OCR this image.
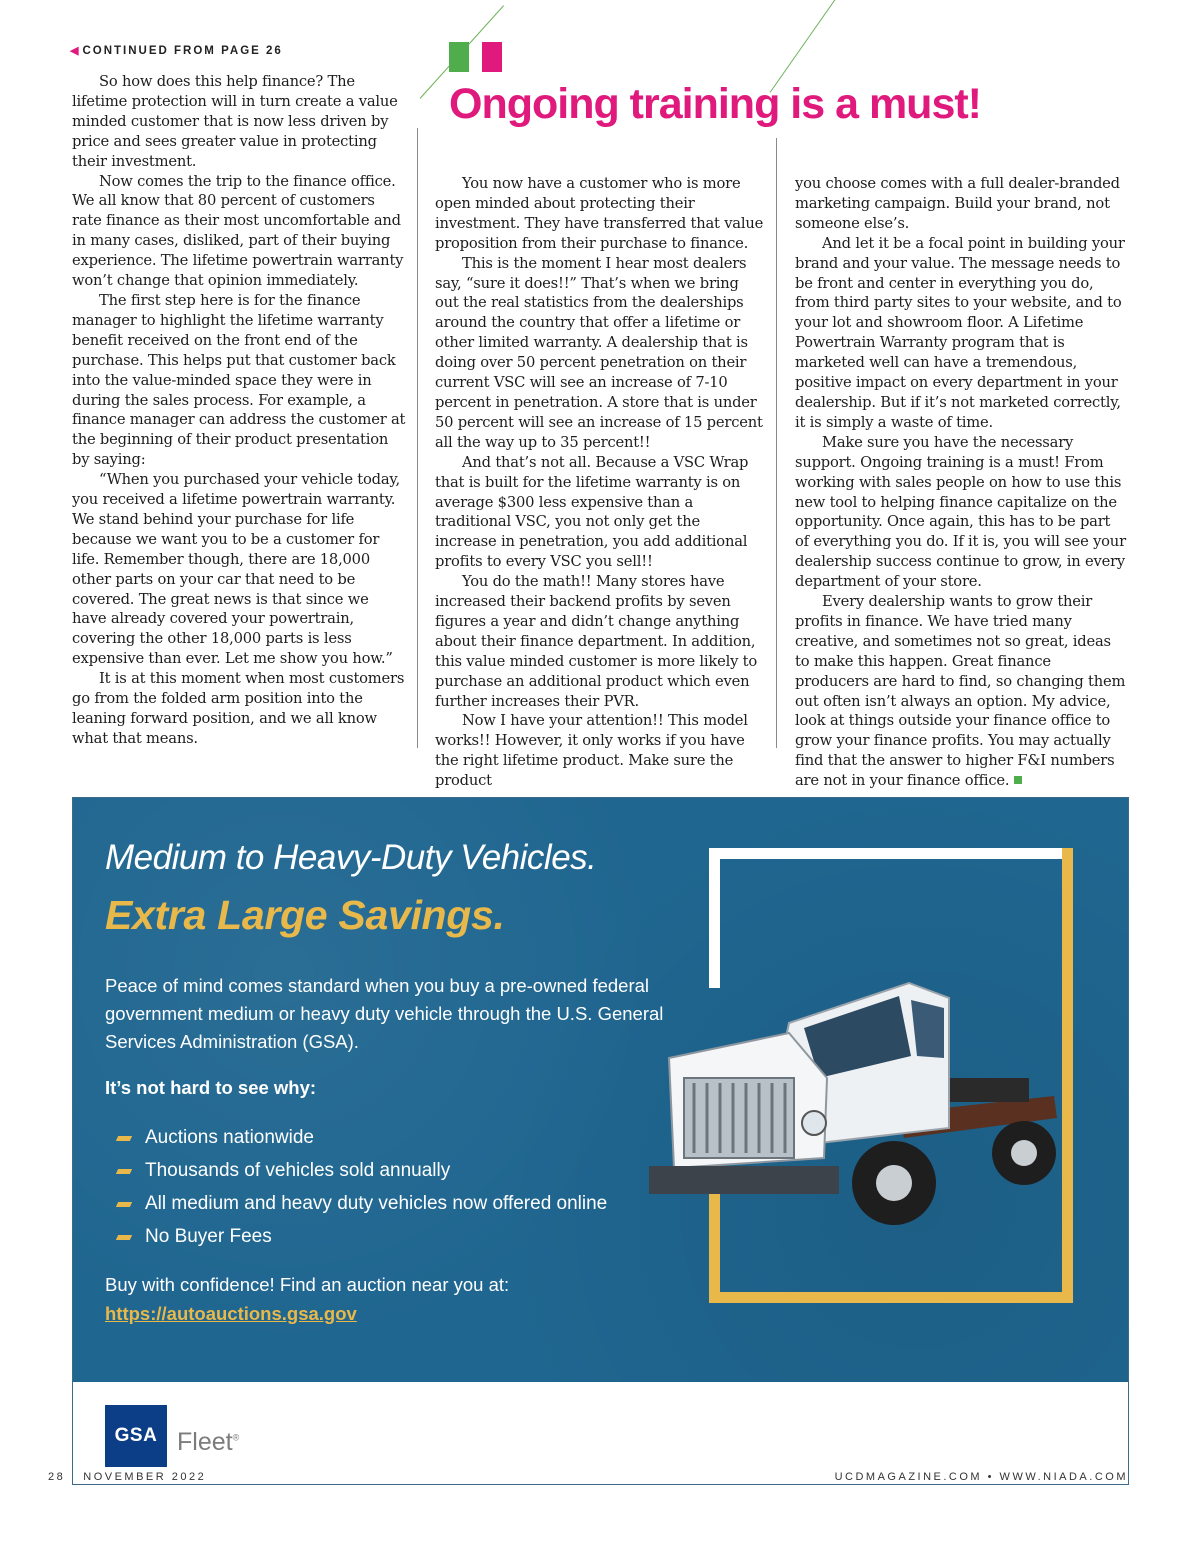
◀ CONTINUED FROM PAGE 26
Ongoing training is a must!

So how does this help finance? The lifetime protection will in turn create a value minded customer that is now less driven by price and sees greater value in protecting their investment.

Now comes the trip to the finance office. We all know that 80 percent of customers rate finance as their most uncomfortable and in many cases, disliked, part of their buying experience. The lifetime powertrain warranty won’t change that opinion immediately.

The first step here is for the finance manager to highlight the lifetime warranty benefit received on the front end of the purchase. This helps put that customer back into the value-minded space they were in during the sales process. For example, a finance manager can address the customer at the beginning of their product presentation by saying:

“When you purchased your vehicle today, you received a lifetime powertrain warranty. We stand behind your purchase for life because we want you to be a customer for life. Remember though, there are 18,000 other parts on your car that need to be covered. The great news is that since we have already covered your powertrain, covering the other 18,000 parts is less expensive than ever. Let me show you how.”

It is at this moment when most customers go from the folded arm position into the leaning forward position, and we all know what that means.

You now have a customer who is more open minded about protecting their investment. They have transferred that value proposition from their purchase to finance.

This is the moment I hear most dealers say, “sure it does!!” That’s when we bring out the real statistics from the dealerships around the country that offer a lifetime or other limited warranty. A dealership that is doing over 50 percent penetration on their current VSC will see an increase of 7-10 percent in penetration. A store that is under 50 percent will see an increase of 15 percent all the way up to 35 percent!!

And that’s not all. Because a VSC Wrap that is built for the lifetime warranty is on average $300 less expensive than a traditional VSC, you not only get the increase in penetration, you add additional profits to every VSC you sell!!

You do the math!! Many stores have increased their backend profits by seven figures a year and didn’t change anything about their finance department. In addition, this value minded customer is more likely to purchase an additional product which even further increases their PVR.

Now I have your attention!! This model works!! However, it only works if you have the right lifetime product. Make sure the product

you choose comes with a full dealer-branded marketing campaign. Build your brand, not someone else’s.

And let it be a focal point in building your brand and your value. The message needs to be front and center in everything you do, from third party sites to your website, and to your lot and showroom floor. A Lifetime Powertrain Warranty program that is marketed well can have a tremendous, positive impact on every department in your dealership. But if it’s not marketed correctly, it is simply a waste of time.

Make sure you have the necessary support. Ongoing training is a must! From working with sales people on how to use this new tool to helping finance capitalize on the opportunity. Once again, this has to be part of everything you do. If it is, you will see your dealership success continue to grow, in every department of your store.

Every dealership wants to grow their profits in finance. We have tried many creative, and sometimes not so great, ideas to make this happen. Great finance producers are hard to find, so changing them out often isn’t always an option. My advice, look at things outside your finance office to grow your finance profits. You may actually find that the answer to higher F&I numbers are not in your finance office.

Medium to Heavy-Duty Vehicles.
Extra Large Savings.
Peace of mind comes standard when you buy a pre-owned federal government medium or heavy duty vehicle through the U.S. General Services Administration (GSA).
It’s not hard to see why:
Auctions nationwide
Thousands of vehicles sold annually
All medium and heavy duty vehicles now offered online
No Buyer Fees
Buy with confidence! Find an auction near you at:
https://autoauctions.gsa.gov
GSA Fleet®
28 NOVEMBER 2022	UCDMAGAZINE.COM • WWW.NIADA.COM
